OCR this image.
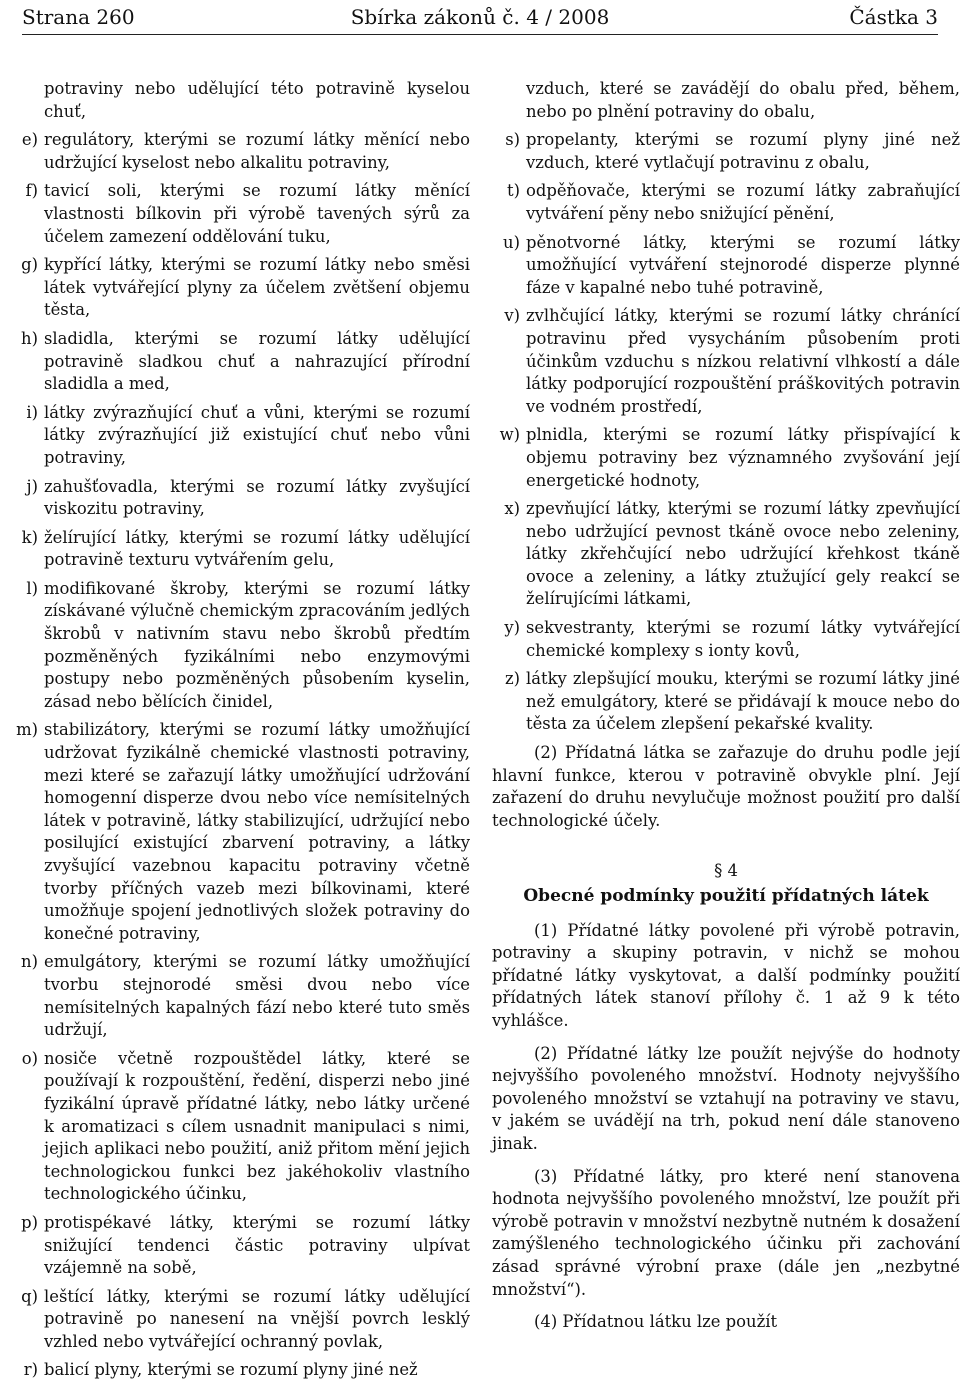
Strana 260	Sbírka zákonů č. 4 / 2008	Částka 3
potraviny nebo udělující této potravině kyselou chuť,
e) regulátory, kterými se rozumí látky měnící nebo udržující kyselost nebo alkalitu potraviny,
f) tavicí soli, kterými se rozumí látky měnící vlastnosti bílkovin při výrobě tavených sýrů za účelem zamezení oddělování tuku,
g) kypřící látky, kterými se rozumí látky nebo směsi látek vytvářející plyny za účelem zvětšení objemu těsta,
h) sladidla, kterými se rozumí látky udělující potravině sladkou chuť a nahrazující přírodní sladidla a med,
i) látky zvýrazňující chuť a vůni, kterými se rozumí látky zvýrazňující již existující chuť nebo vůni potraviny,
j) zahušťovadla, kterými se rozumí látky zvyšující viskozitu potraviny,
k) želírující látky, kterými se rozumí látky udělující potravině texturu vytvářením gelu,
l) modifikované škroby, kterými se rozumí látky získávané výlučně chemickým zpracováním jedlých škrobů v nativním stavu nebo škrobů předtím pozměněných fyzikálními nebo enzymovými postupy nebo pozměněných působením kyselin, zásad nebo bělících činidel,
m) stabilizátory, kterými se rozumí látky umožňující udržovat fyzikálně chemické vlastnosti potraviny, mezi které se zařazují látky umožňující udržování homogenní disperze dvou nebo více nemísitelných látek v potravině, látky stabilizující, udržující nebo posilující existující zbarvení potraviny, a látky zvyšující vazebnou kapacitu potraviny včetně tvorby příčných vazeb mezi bílkovinami, které umožňuje spojení jednotlivých složek potraviny do konečné potraviny,
n) emulgátory, kterými se rozumí látky umožňující tvorbu stejnorodé směsi dvou nebo více nemísitelných kapalných fází nebo které tuto směs udržují,
o) nosiče včetně rozpouštědel látky, které se používají k rozpouštění, ředění, disperzi nebo jiné fyzikální úpravě přídatné látky, nebo látky určené k aromatizaci s cílem usnadnit manipulaci s nimi, jejich aplikaci nebo použití, aniž přitom mění jejich technologickou funkci bez jakéhokoliv vlastního technologického účinku,
p) protispékavé látky, kterými se rozumí látky snižující tendenci částic potraviny ulpívat vzájemně na sobě,
q) leštící látky, kterými se rozumí látky udělující potravině po nanesení na vnější povrch lesklý vzhled nebo vytvářející ochranný povlak,
r) balicí plyny, kterými se rozumí plyny jiné než
vzduch, které se zavádějí do obalu před, během, nebo po plnění potraviny do obalu,
s) propelanty, kterými se rozumí plyny jiné než vzduch, které vytlačují potravinu z obalu,
t) odpěňovače, kterými se rozumí látky zabraňující vytváření pěny nebo snižující pěnění,
u) pěnotvorné látky, kterými se rozumí látky umožňující vytváření stejnorodé disperze plynné fáze v kapalné nebo tuhé potravině,
v) zvlhčující látky, kterými se rozumí látky chránící potravinu před vysycháním působením proti účinkům vzduchu s nízkou relativní vlhkostí a dále látky podporující rozpouštění práškovitých potravin ve vodném prostředí,
w) plnidla, kterými se rozumí látky přispívající k objemu potraviny bez významného zvyšování její energetické hodnoty,
x) zpevňující látky, kterými se rozumí látky zpevňující nebo udržující pevnost tkáně ovoce nebo zeleniny, látky zkřehčující nebo udržující křehkost tkáně ovoce a zeleniny, a látky ztužující gely reakcí se želírujícími látkami,
y) sekvestranty, kterými se rozumí látky vytvářející chemické komplexy s ionty kovů,
z) látky zlepšující mouku, kterými se rozumí látky jiné než emulgátory, které se přidávají k mouce nebo do těsta za účelem zlepšení pekařské kvality.

(2) Přídatná látka se zařazuje do druhu podle její hlavní funkce, kterou v potravině obvykle plní. Její zařazení do druhu nevylučuje možnost použití pro další technologické účely.

§ 4
Obecné podmínky použití přídatných látek

(1) Přídatné látky povolené při výrobě potravin, potraviny a skupiny potravin, v nichž se mohou přídatné látky vyskytovat, a další podmínky použití přídatných látek stanoví přílohy č. 1 až 9 k této vyhlášce.

(2) Přídatné látky lze použít nejvýše do hodnoty nejvyššího povoleného množství. Hodnoty nejvyššího povoleného množství se vztahují na potraviny ve stavu, v jakém se uvádějí na trh, pokud není dále stanoveno jinak.

(3) Přídatné látky, pro které není stanovena hodnota nejvyššího povoleného množství, lze použít při výrobě potravin v množství nezbytně nutném k dosažení zamýšleného technologického účinku při zachování zásad správné výrobní praxe (dále jen „nezbytné množství“).

(4) Přídatnou látku lze použít
